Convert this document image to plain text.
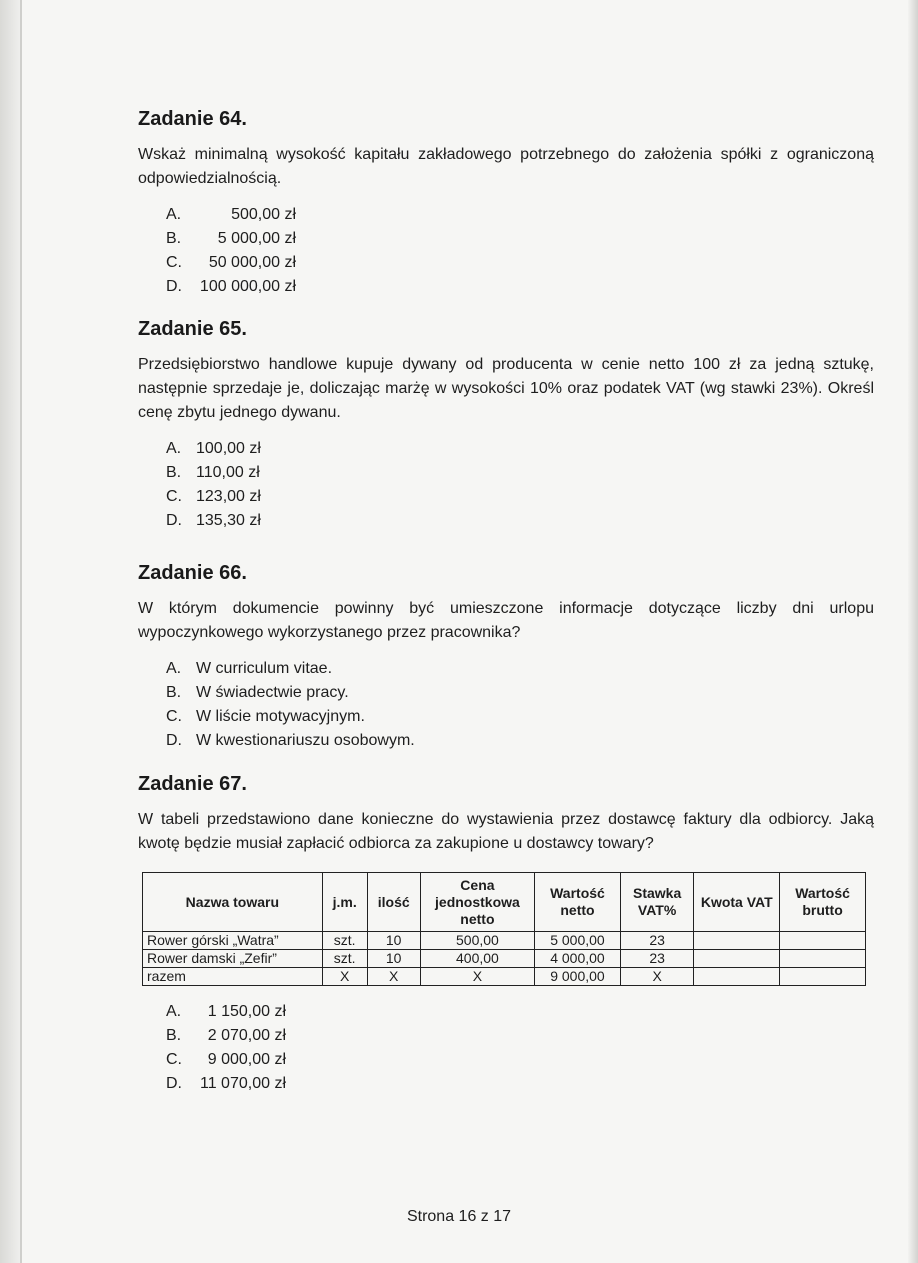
Zadanie 64.
Wskaż minimalną wysokość kapitału zakładowego potrzebnego do założenia spółki z ograniczoną odpowiedzialnością.
A.	500,00 zł
B.	5 000,00 zł
C.	50 000,00 zł
D.	100 000,00 zł
Zadanie 65.
Przedsiębiorstwo handlowe kupuje dywany od producenta w cenie netto 100 zł za jedną sztukę, następnie sprzedaje je, doliczając marżę w wysokości 10% oraz podatek VAT (wg stawki 23%). Określ cenę zbytu jednego dywanu.
A. 100,00 zł
B. 110,00 zł
C. 123,00 zł
D. 135,30 zł
Zadanie 66.
W którym dokumencie powinny być umieszczone informacje dotyczące liczby dni urlopu wypoczynkowego wykorzystanego przez pracownika?
A. W curriculum vitae.
B. W świadectwie pracy.
C. W liście motywacyjnym.
D. W kwestionariuszu osobowym.
Zadanie 67.
W tabeli przedstawiono dane konieczne do wystawienia przez dostawcę faktury dla odbiorcy. Jaką kwotę będzie musiał zapłacić odbiorca za zakupione u dostawcy towary?
Nazwa towaru	j.m.	ilość	Cena jednostkowa netto	Wartość netto	Stawka VAT%	Kwota VAT	Wartość brutto
Rower górski „Watra”	szt.	10	500,00	5 000,00	23		
Rower damski „Zefir”	szt.	10	400,00	4 000,00	23		
razem	X	X	X	9 000,00	X		
A.	1 150,00 zł
B.	2 070,00 zł
C.	9 000,00 zł
D.	11 070,00 zł
Strona 16 z 17
